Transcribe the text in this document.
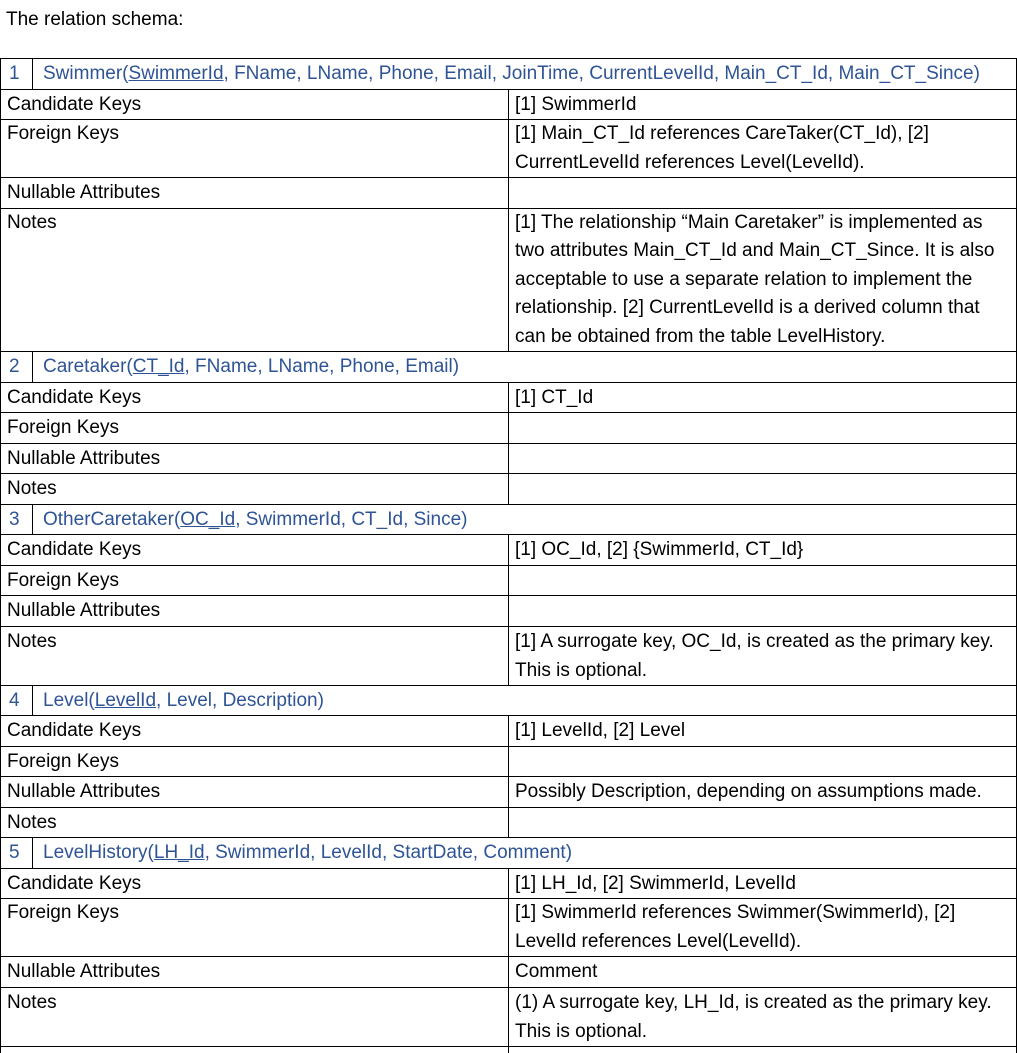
The relation schema:
1 Swimmer(SwimmerId, FName, LName, Phone, Email, JoinTime, CurrentLevelId, Main_CT_Id, Main_CT_Since)	

Candidate Keys	[1] SwimmerId
Foreign Keys	[1] Main_CT_Id references CareTaker(CT_Id), [2] CurrentLevelId references Level(LevelId).
Nullable Attributes	
Notes	[1] The relationship “Main Caretaker” is implemented as two attributes Main_CT_Id and Main_CT_Since. It is also acceptable to use a separate relation to implement the relationship. [2] CurrentLevelId is a derived column that can be obtained from the table LevelHistory.

2 Caretaker(CT_Id, FName, LName, Phone, Email)	

Candidate Keys	[1] CT_Id
Foreign Keys	
Nullable Attributes	
Notes	

3 OtherCaretaker(OC_Id, SwimmerId, CT_Id, Since)	

Candidate Keys	[1] OC_Id, [2] {SwimmerId, CT_Id}
Foreign Keys	
Nullable Attributes	
Notes	[1] A surrogate key, OC_Id, is created as the primary key. This is optional.

4 Level(LevelId, Level, Description)	

Candidate Keys	[1] LevelId, [2] Level
Foreign Keys	
Nullable Attributes	Possibly Description, depending on assumptions made.
Notes	

5 LevelHistory(LH_Id, SwimmerId, LevelId, StartDate, Comment)	

Candidate Keys	[1] LH_Id, [2] SwimmerId, LevelId
Foreign Keys	[1] SwimmerId references Swimmer(SwimmerId), [2] LevelId references Level(LevelId).
Nullable Attributes	Comment
Notes	(1) A surrogate key, LH_Id, is created as the primary key. This is optional.
